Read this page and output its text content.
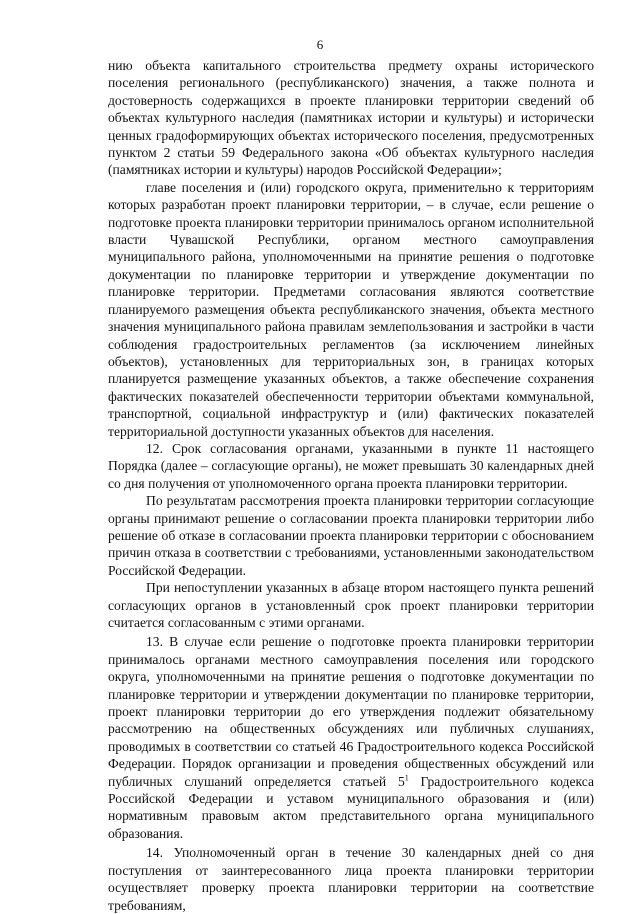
6

нию объекта капитального строительства предмету охраны исторического поселения регионального (республиканского) значения, а также полнота и достоверность содержащихся в проекте планировки территории сведений об объектах культурного наследия (памятниках истории и культуры) и исторически ценных градоформирующих объектах исторического поселения, предусмотренных пунктом 2 статьи 59 Федерального закона «Об объектах культурного наследия (памятниках истории и культуры) народов Российской Федерации»;

главе поселения и (или) городского округа, применительно к территориям которых разработан проект планировки территории, – в случае, если решение о подготовке проекта планировки территории принималось органом исполнительной власти Чувашской Республики, органом местного самоуправления муниципального района, уполномоченными на принятие решения о подготовке документации по планировке территории и утверждение документации по планировке территории. Предметами согласования являются соответствие планируемого размещения объекта республиканского значения, объекта местного значения муниципального района правилам землепользования и застройки в части соблюдения градостроительных регламентов (за исключением линейных объектов), установленных для территориальных зон, в границах которых планируется размещение указанных объектов, а также обеспечение сохранения фактических показателей обеспеченности территории объектами коммунальной, транспортной, социальной инфраструктур и (или) фактических показателей территориальной доступности указанных объектов для населения.

12. Срок согласования органами, указанными в пункте 11 настоящего Порядка (далее – согласующие органы), не может превышать 30 календарных дней со дня получения от уполномоченного органа проекта планировки территории.

По результатам рассмотрения проекта планировки территории согласующие органы принимают решение о согласовании проекта планировки территории либо решение об отказе в согласовании проекта планировки территории с обоснованием причин отказа в соответствии с требованиями, установленными законодательством Российской Федерации.

При непоступлении указанных в абзаце втором настоящего пункта решений согласующих органов в установленный срок проект планировки территории считается согласованным с этими органами.

13. В случае если решение о подготовке проекта планировки территории принималось органами местного самоуправления поселения или городского округа, уполномоченными на принятие решения о подготовке документации по планировке территории и утверждении документации по планировке территории, проект планировки территории до его утверждения подлежит обязательному рассмотрению на общественных обсуждениях или публичных слушаниях, проводимых в соответствии со статьей 46 Градостроительного кодекса Российской Федерации. Порядок организации и проведения общественных обсуждений или публичных слушаний определяется статьей $5^1$ Градостроительного кодекса Российской Федерации и уставом муниципального образования и (или) нормативным правовым актом представительного органа муниципального образования.

14. Уполномоченный орган в течение 30 календарных дней со дня поступления от заинтересованного лица проекта планировки территории осуществляет проверку проекта планировки территории на соответствие требованиям,
